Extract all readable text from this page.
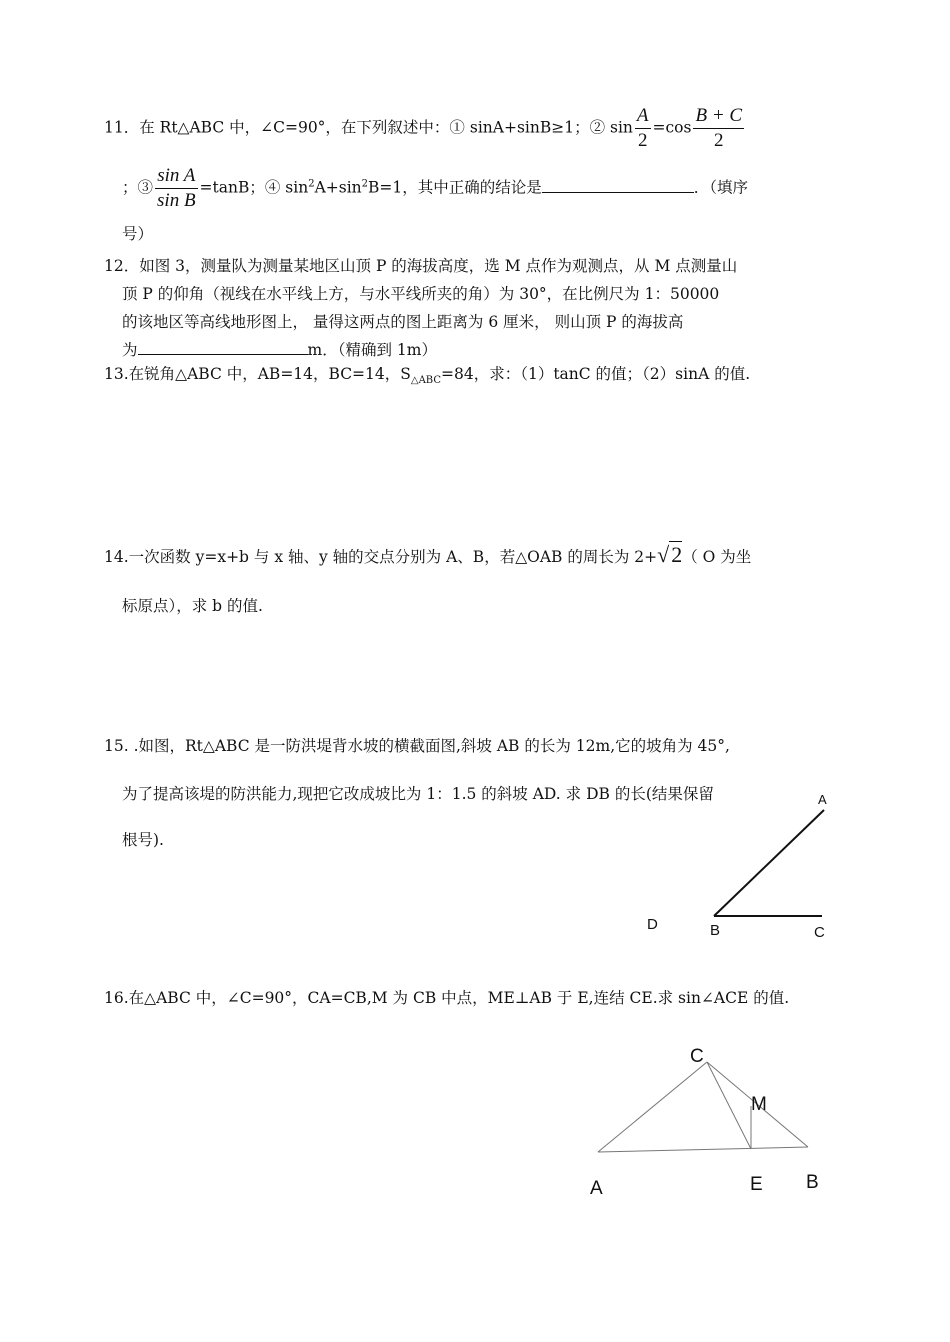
11．在 Rt△ABC 中，∠C=90°，在下列叙述中：① sinA+sinB≥1；② $\sin \frac{A}{2} =\cos \frac{B + C}{2}$
；③ $\frac{\text{sin A}}{\text{sin B}} =\tan B$；④ $\sin^2A+\sin^2B=1$，其中正确的结论是	．（填序
号）
12．如图 3，测量队为测量某地区山顶 P 的海拔高度，选 M 点作为观测点，从 M 点测量山
顶 P 的仰角（视线在水平线上方，与水平线所夹的角）为 30°，在比例尺为 1：50000
的该地区等高线地形图上， 量得这两点的图上距离为 6 厘米， 则山顶 P 的海拔高
为	m．（精确到 1m）
13.在锐角△ABC 中，AB=14，BC=14，$S_{\triangle ABC}=84$，求：（1）tanC 的值；（2）sinA 的值.
14.一次函数 y=x+b 与 x 轴、y 轴的交点分别为 A、B，若△OAB 的周长为 2+√2（ O 为坐
标原点），求 b 的值.
15. .如图，Rt△ABC 是一防洪堤背水坡的横截面图,斜坡 AB 的长为 12m,它的坡角为 45°,
为了提高该堤的防洪能力,现把它改成坡比为 1：1.5 的斜坡 AD. 求 DB 的长(结果保留
根号).
16.在△ABC 中，∠C=90°，CA=CB,M 为 CB 中点，ME⊥AB 于 E,连结 CE.求 sin∠ACE 的值.
A
D	B	C
C
M
A	E B
